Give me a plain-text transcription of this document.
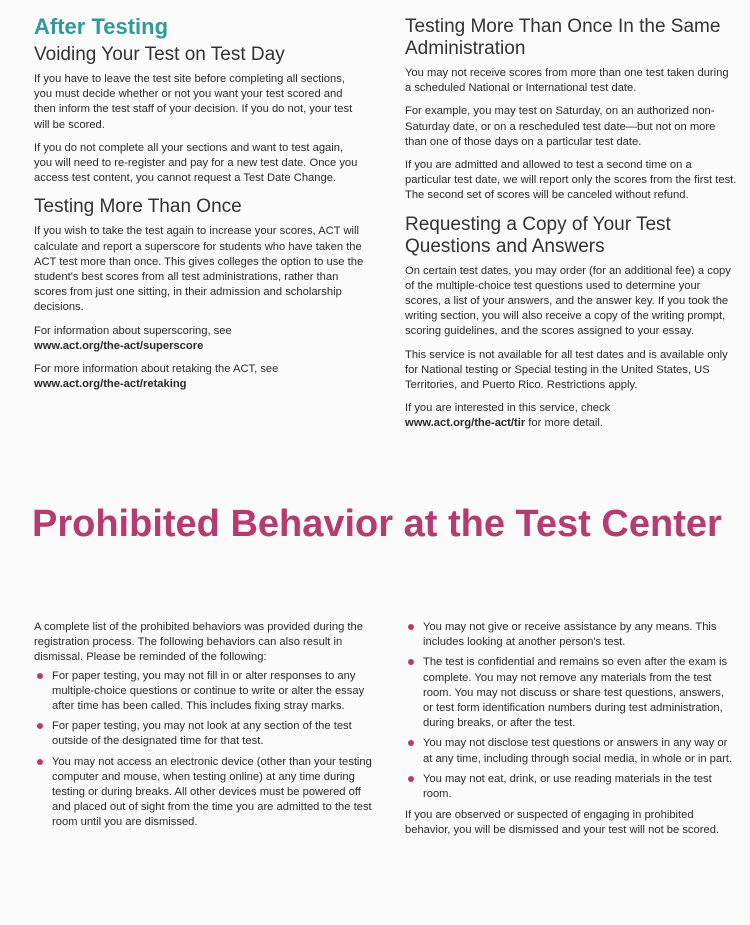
After Testing
Voiding Your Test on Test Day

If you have to leave the test site before completing all sections, you must decide whether or not you want your test scored and then inform the test staff of your decision. If you do not, your test will be scored.

If you do not complete all your sections and want to test again, you will need to re-register and pay for a new test date. Once you access test content, you cannot request a Test Date Change.

Testing More Than Once

If you wish to take the test again to increase your scores, ACT will calculate and report a superscore for students who have taken the ACT test more than once. This gives colleges the option to use the student's best scores from all test administrations, rather than scores from just one sitting, in their admission and scholarship decisions.

For information about superscoring, see
www.act.org/the-act/superscore

For more information about retaking the ACT, see
www.act.org/the-act/retaking

Testing More Than Once In the Same Administration

You may not receive scores from more than one test taken during a scheduled National or International test date.

For example, you may test on Saturday, on an authorized non-Saturday date, or on a rescheduled test date—but not on more than one of those days on a particular test date.

If you are admitted and allowed to test a second time on a particular test date, we will report only the scores from the first test. The second set of scores will be canceled without refund.

Requesting a Copy of Your Test Questions and Answers

On certain test dates, you may order (for an additional fee) a copy of the multiple-choice test questions used to determine your scores, a list of your answers, and the answer key. If you took the writing section, you will also receive a copy of the writing prompt, scoring guidelines, and the scores assigned to your essay.

This service is not available for all test dates and is available only for National testing or Special testing in the United States, US Territories, and Puerto Rico. Restrictions apply.

If you are interested in this service, check
www.act.org/the-act/tir for more detail.

Prohibited Behavior at the Test Center

A complete list of the prohibited behaviors was provided during the registration process. The following behaviors can also result in dismissal. Please be reminded of the following:

For paper testing, you may not fill in or alter responses to any multiple-choice questions or continue to write or alter the essay after time has been called. This includes fixing stray marks.
For paper testing, you may not look at any section of the test outside of the designated time for that test.
You may not access an electronic device (other than your testing computer and mouse, when testing online) at any time during testing or during breaks. All other devices must be powered off and placed out of sight from the time you are admitted to the test room until you are dismissed.
You may not give or receive assistance by any means. This includes looking at another person's test.
The test is confidential and remains so even after the exam is complete. You may not remove any materials from the test room. You may not discuss or share test questions, answers, or test form identification numbers during test administration, during breaks, or after the test.
You may not disclose test questions or answers in any way or at any time, including through social media, in whole or in part.
You may not eat, drink, or use reading materials in the test room.

If you are observed or suspected of engaging in prohibited behavior, you will be dismissed and your test will not be scored.
